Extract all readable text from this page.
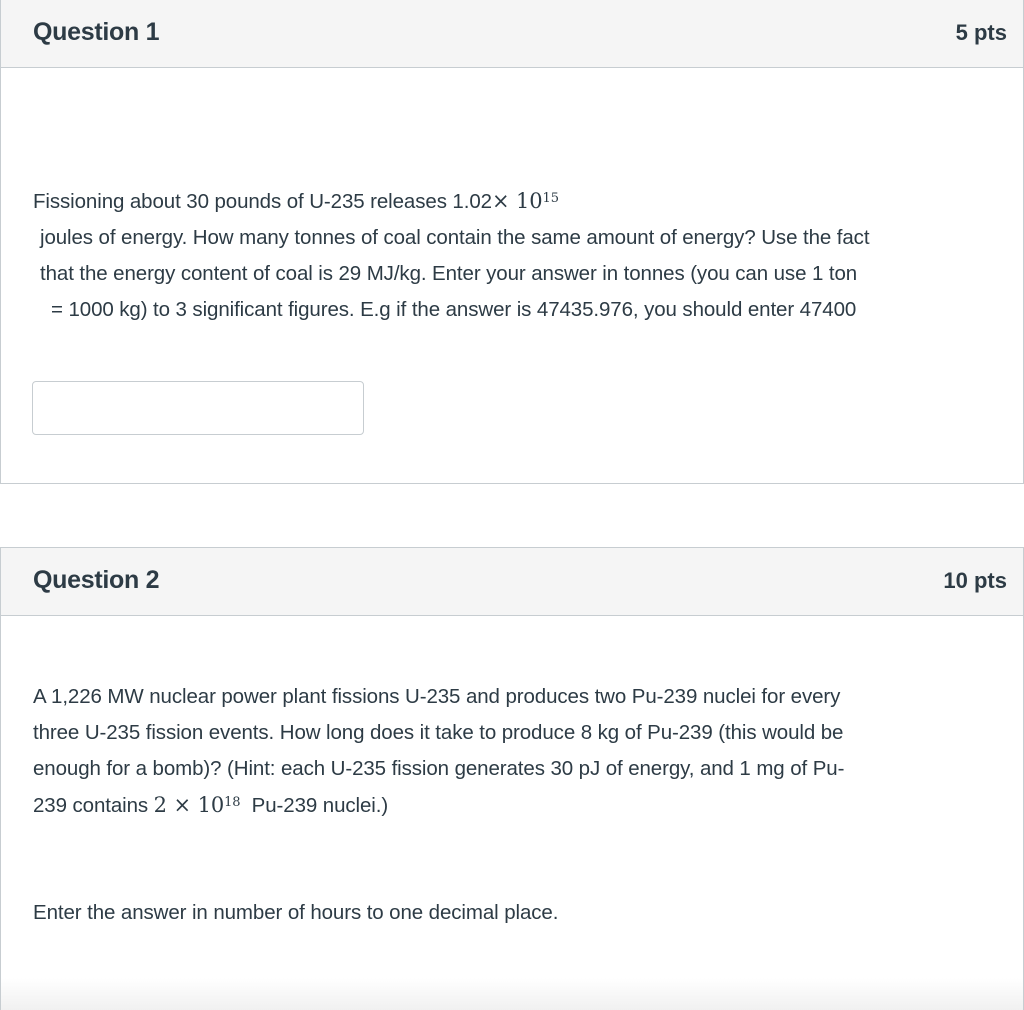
Question 1	5 pts
Fissioning about 30 pounds of U-235 releases $1.02\times 10^{15}$
joules of energy. How many tonnes of coal contain the same amount of energy? Use the fact
that the energy content of coal is 29 MJ/kg. Enter your answer in tonnes (you can use 1 ton
= 1000 kg) to 3 significant figures. E.g if the answer is 47435.976, you should enter 47400
Question 2	10 pts
A 1,226 MW nuclear power plant fissions U-235 and produces two Pu-239 nuclei for every
three U-235 fission events. How long does it take to produce 8 kg of Pu-239 (this would be
enough for a bomb)? (Hint: each U-235 fission generates 30 pJ of energy, and 1 mg of Pu-
239 contains $2 \times 10^{18}$ Pu-239 nuclei.)
Enter the answer in number of hours to one decimal place.
